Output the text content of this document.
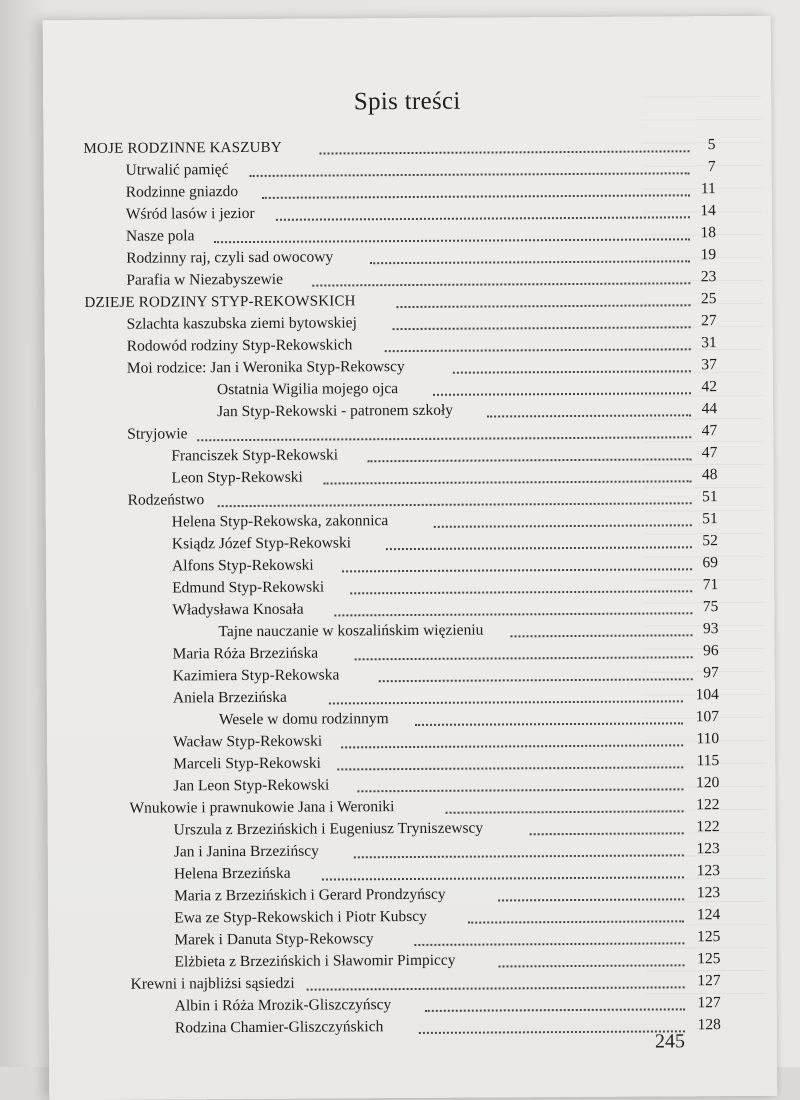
Spis treści
MOJE RODZINNE KASZUBY	5
Utrwalić pamięć	7
Rodzinne gniazdo	11
Wśród lasów i jezior	14
Nasze pola	18
Rodzinny raj, czyli sad owocowy	19
Parafia w Niezabyszewie	23
DZIEJE RODZINY STYP-REKOWSKICH	25
Szlachta kaszubska ziemi bytowskiej	27
Rodowód rodziny Styp-Rekowskich	31
Moi rodzice: Jan i Weronika Styp-Rekowscy	37
Ostatnia Wigilia mojego ojca	42
Jan Styp-Rekowski - patronem szkoły	44
Stryjowie	47
Franciszek Styp-Rekowski	47
Leon Styp-Rekowski	48
Rodzeństwo	51
Helena Styp-Rekowska, zakonnica	51
Ksiądz Józef Styp-Rekowski	52
Alfons Styp-Rekowski	69
Edmund Styp-Rekowski	71
Władysława Knosała	75
Tajne nauczanie w koszalińskim więzieniu	93
Maria Róża Brzezińska	96
Kazimiera Styp-Rekowska	97
Aniela Brzezińska	104
Wesele w domu rodzinnym	107
Wacław Styp-Rekowski	110
Marceli Styp-Rekowski	115
Jan Leon Styp-Rekowski	120
Wnukowie i prawnukowie Jana i Weroniki	122
Urszula z Brzezińskich i Eugeniusz Tryniszewscy	122
Jan i Janina Brzezińscy	123
Helena Brzezińska	123
Maria z Brzezińskich i Gerard Prondzyńscy	123
Ewa ze Styp-Rekowskich i Piotr Kubscy	124
Marek i Danuta Styp-Rekowscy	125
Elżbieta z Brzezińskich i Sławomir Pimpiccy	125
Krewni i najbliżsi sąsiedzi	127
Albin i Róża Mrozik-Gliszczyńscy	127
Rodzina Chamier-Gliszczyńskich	128
245
